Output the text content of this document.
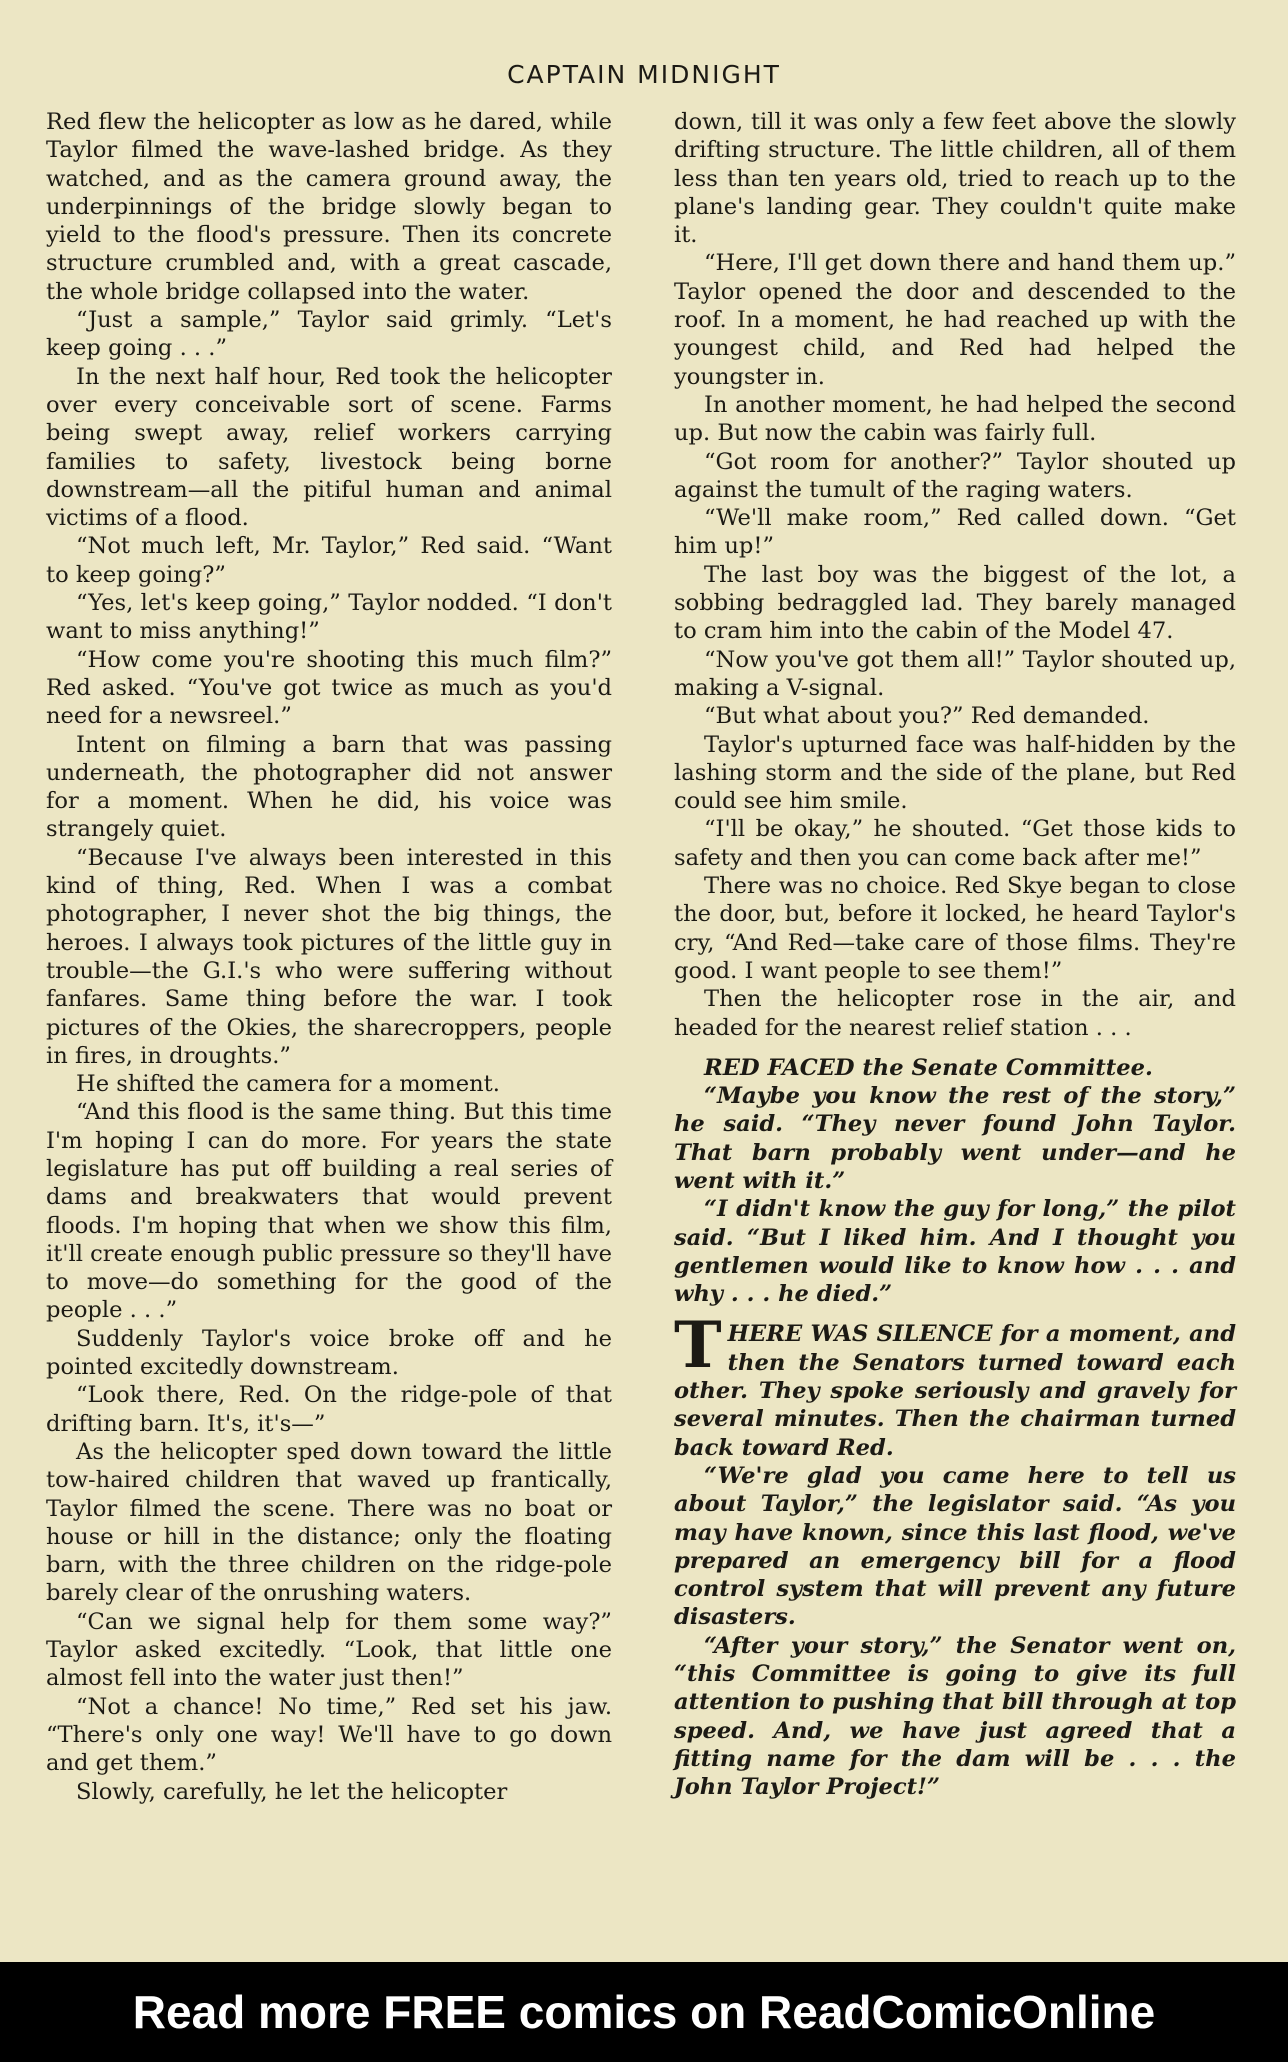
CAPTAIN MIDNIGHT

Red flew the helicopter as low as he dared, while Taylor filmed the wave-lashed bridge. As they watched, and as the camera ground away, the underpinnings of the bridge slowly began to yield to the flood's pressure. Then its concrete structure crumbled and, with a great cascade, the whole bridge collapsed into the water.

“Just a sample,” Taylor said grimly. “Let's keep going . . .”

In the next half hour, Red took the helicopter over every conceivable sort of scene. Farms being swept away, relief workers carrying families to safety, livestock being borne downstream—all the pitiful human and animal victims of a flood.

“Not much left, Mr. Taylor,” Red said. “Want to keep going?”

“Yes, let's keep going,” Taylor nodded. “I don't want to miss anything!”

“How come you're shooting this much film?” Red asked. “You've got twice as much as you'd need for a newsreel.”

Intent on filming a barn that was passing underneath, the photographer did not answer for a moment. When he did, his voice was strangely quiet.

“Because I've always been interested in this kind of thing, Red. When I was a combat photographer, I never shot the big things, the heroes. I always took pictures of the little guy in trouble—the G.I.'s who were suffering without fanfares. Same thing before the war. I took pictures of the Okies, the sharecroppers, people in fires, in droughts.”

He shifted the camera for a moment.

“And this flood is the same thing. But this time I'm hoping I can do more. For years the state legislature has put off building a real series of dams and breakwaters that would prevent floods. I'm hoping that when we show this film, it'll create enough public pressure so they'll have to move—do something for the good of the people . . .”

Suddenly Taylor's voice broke off and he pointed excitedly downstream.

“Look there, Red. On the ridge-pole of that drifting barn. It's, it's—”

As the helicopter sped down toward the little tow-haired children that waved up frantically, Taylor filmed the scene. There was no boat or house or hill in the distance; only the floating barn, with the three children on the ridge-pole barely clear of the onrushing waters.

“Can we signal help for them some way?” Taylor asked excitedly. “Look, that little one almost fell into the water just then!”

“Not a chance! No time,” Red set his jaw. “There's only one way! We'll have to go down and get them.”

Slowly, carefully, he let the helicopter

down, till it was only a few feet above the slowly drifting structure. The little children, all of them less than ten years old, tried to reach up to the plane's landing gear. They couldn't quite make it.

“Here, I'll get down there and hand them up.” Taylor opened the door and descended to the roof. In a moment, he had reached up with the youngest child, and Red had helped the youngster in.

In another moment, he had helped the second up. But now the cabin was fairly full.

“Got room for another?” Taylor shouted up against the tumult of the raging waters.

“We'll make room,” Red called down. “Get him up!”

The last boy was the biggest of the lot, a sobbing bedraggled lad. They barely managed to cram him into the cabin of the Model 47.

“Now you've got them all!” Taylor shouted up, making a V-signal.

“But what about you?” Red demanded.

Taylor's upturned face was half-hidden by the lashing storm and the side of the plane, but Red could see him smile.

“I'll be okay,” he shouted. “Get those kids to safety and then you can come back after me!”

There was no choice. Red Skye began to close the door, but, before it locked, he heard Taylor's cry, “And Red—take care of those films. They're good. I want people to see them!”

Then the helicopter rose in the air, and headed for the nearest relief station . . .

RED FACED the Senate Committee.

“Maybe you know the rest of the story,” he said. “They never found John Taylor. That barn probably went under—and he went with it.”

“I didn't know the guy for long,” the pilot said. “But I liked him. And I thought you gentlemen would like to know how . . . and why . . . he died.”

THERE WAS SILENCE for a moment, and then the Senators turned toward each other. They spoke seriously and gravely for several minutes. Then the chairman turned back toward Red.

“We're glad you came here to tell us about Taylor,” the legislator said. “As you may have known, since this last flood, we've prepared an emergency bill for a flood control system that will prevent any future disasters.

“After your story,” the Senator went on, “this Committee is going to give its full attention to pushing that bill through at top speed. And, we have just agreed that a fitting name for the dam will be . . . the John Taylor Project!”

Read more FREE comics on ReadComicOnline
